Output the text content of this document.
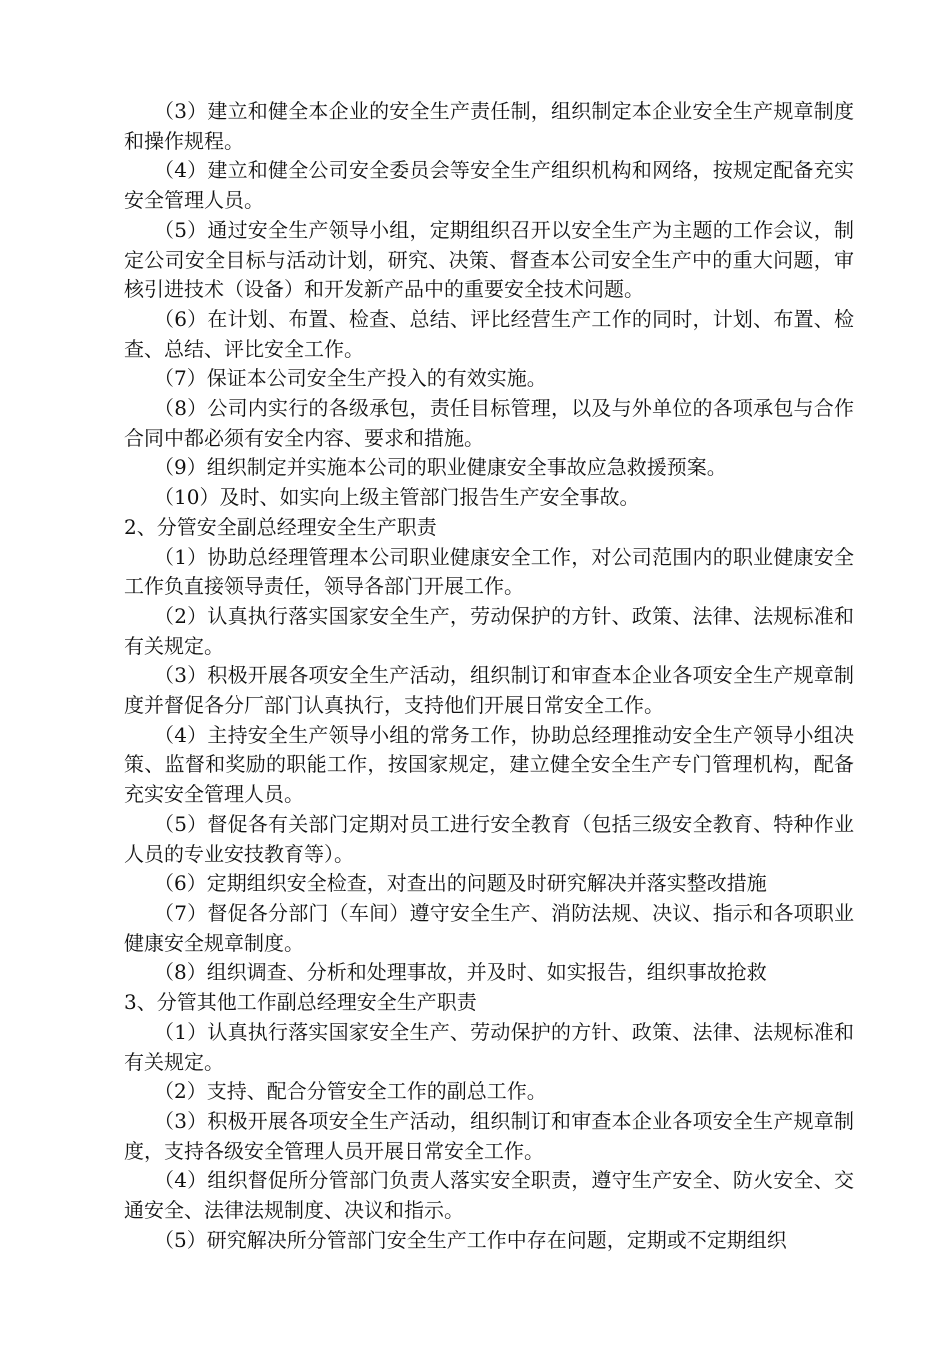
（3）建立和健全本企业的安全生产责任制，组织制定本企业安全生产规章制度和操作规程。

（4）建立和健全公司安全委员会等安全生产组织机构和网络，按规定配备充实安全管理人员。

（5）通过安全生产领导小组，定期组织召开以安全生产为主题的工作会议，制定公司安全目标与活动计划，研究、决策、督查本公司安全生产中的重大问题，审核引进技术（设备）和开发新产品中的重要安全技术问题。

（6）在计划、布置、检查、总结、评比经营生产工作的同时，计划、布置、检查、总结、评比安全工作。

（7）保证本公司安全生产投入的有效实施。

（8）公司内实行的各级承包，责任目标管理，以及与外单位的各项承包与合作合同中都必须有安全内容、要求和措施。

（9）组织制定并实施本公司的职业健康安全事故应急救援预案。

（10）及时、如实向上级主管部门报告生产安全事故。

2、分管安全副总经理安全生产职责

（1）协助总经理管理本公司职业健康安全工作，对公司范围内的职业健康安全工作负直接领导责任，领导各部门开展工作。

（2）认真执行落实国家安全生产，劳动保护的方针、政策、法律、法规标准和有关规定。

（3）积极开展各项安全生产活动，组织制订和审查本企业各项安全生产规章制度并督促各分厂部门认真执行，支持他们开展日常安全工作。

（4）主持安全生产领导小组的常务工作，协助总经理推动安全生产领导小组决策、监督和奖励的职能工作，按国家规定，建立健全安全生产专门管理机构，配备充实安全管理人员。

（5）督促各有关部门定期对员工进行安全教育（包括三级安全教育、特种作业人员的专业安技教育等）。

（6）定期组织安全检查，对查出的问题及时研究解决并落实整改措施

（7）督促各分部门（车间）遵守安全生产、消防法规、决议、指示和各项职业健康安全规章制度。

（8）组织调查、分析和处理事故，并及时、如实报告，组织事故抢救

3、分管其他工作副总经理安全生产职责

（1）认真执行落实国家安全生产、劳动保护的方针、政策、法律、法规标准和有关规定。

（2）支持、配合分管安全工作的副总工作。

（3）积极开展各项安全生产活动，组织制订和审查本企业各项安全生产规章制度，支持各级安全管理人员开展日常安全工作。

（4）组织督促所分管部门负责人落实安全职责，遵守生产安全、防火安全、交通安全、法律法规制度、决议和指示。

（5）研究解决所分管部门安全生产工作中存在问题，定期或不定期组织
